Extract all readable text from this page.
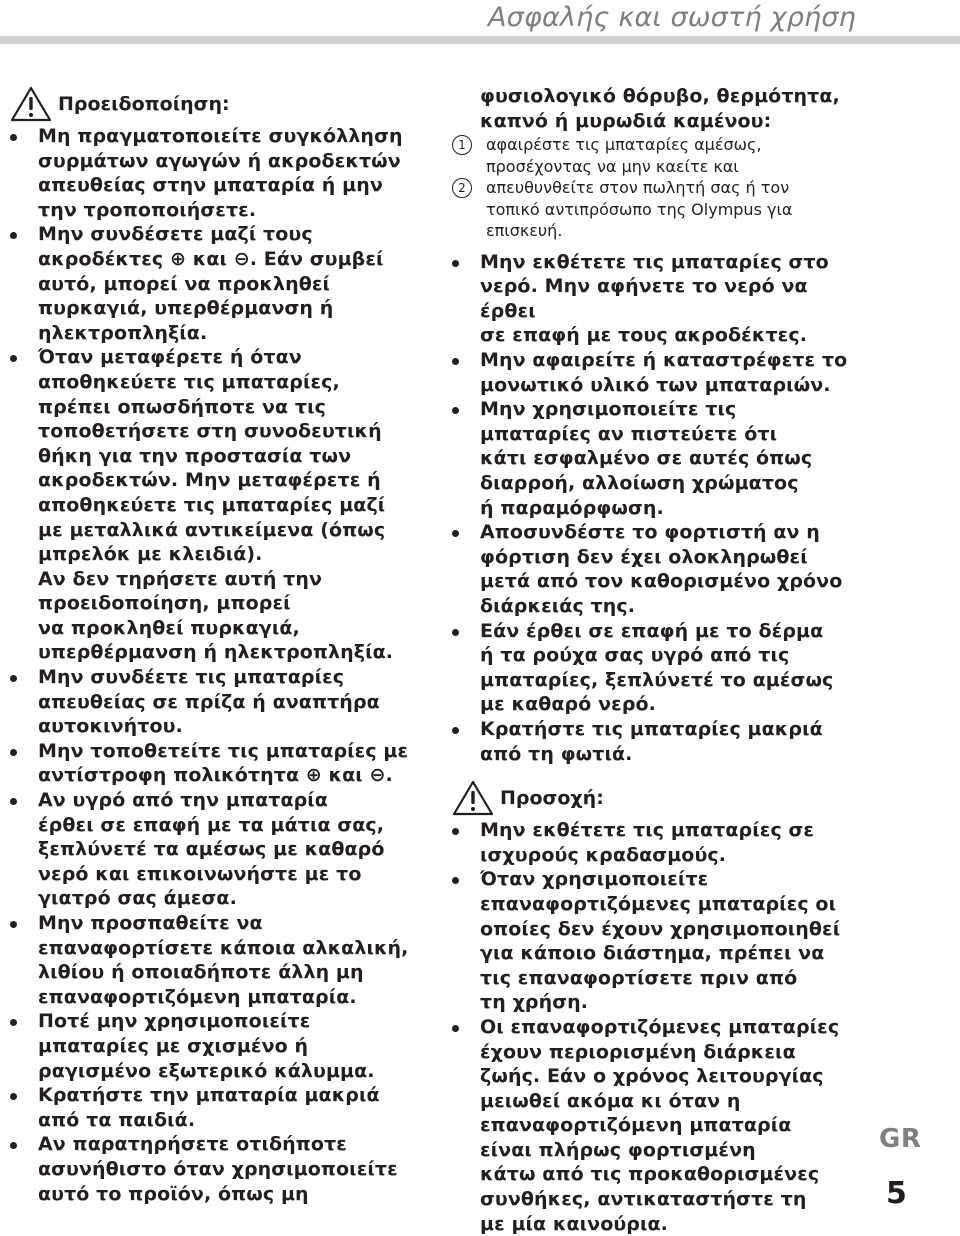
Ασφαλής και σωστή χρήση
Προειδοποίηση:
Μη πραγματοποιείτε συγκόλληση
συρμάτων αγωγών ή ακροδεκτών
απευθείας στην μπαταρία ή μην
την τροποποιήσετε.
Μην συνδέσετε μαζί τους
ακροδέκτες ⊕ και ⊖. Εάν συμβεί
αυτό, μπορεί να προκληθεί
πυρκαγιά, υπερθέρμανση ή
ηλεκτροπληξία.
Όταν μεταφέρετε ή όταν
αποθηκεύετε τις μπαταρίες,
πρέπει οπωσδήποτε να τις
τοποθετήσετε στη συνοδευτική
θήκη για την προστασία των
ακροδεκτών. Μην μεταφέρετε ή
αποθηκεύετε τις μπαταρίες μαζί
με μεταλλικά αντικείμενα (όπως
μπρελόκ με κλειδιά).
Αν δεν τηρήσετε αυτή την
προειδοποίηση, μπορεί
να προκληθεί πυρκαγιά,
υπερθέρμανση ή ηλεκτροπληξία.
Μην συνδέετε τις μπαταρίες
απευθείας σε πρίζα ή αναπτήρα
αυτοκινήτου.
Μην τοποθετείτε τις μπαταρίες με
αντίστροφη πολικότητα ⊕ και ⊖.
Αν υγρό από την μπαταρία
έρθει σε επαφή με τα μάτια σας,
ξεπλύνετέ τα αμέσως με καθαρό
νερό και επικοινωνήστε με το
γιατρό σας άμεσα.
Μην προσπαθείτε να
επαναφορτίσετε κάποια αλκαλική,
λιθίου ή οποιαδήποτε άλλη μη
επαναφορτιζόμενη μπαταρία.
Ποτέ μην χρησιμοποιείτε
μπαταρίες με σχισμένο ή
ραγισμένο εξωτερικό κάλυμμα.
Κρατήστε την μπαταρία μακριά
από τα παιδιά.
Αν παρατηρήσετε οτιδήποτε
ασυνήθιστο όταν χρησιμοποιείτε
αυτό το προϊόν, όπως μη
φυσιολογικό θόρυβο, θερμότητα,
καπνό ή μυρωδιά καμένου:
1	αφαιρέστε τις μπαταρίες αμέσως,
προσέχοντας να μην καείτε και
2	απευθυνθείτε στον πωλητή σας ή τον
τοπικό αντιπρόσωπο της Olympus για
επισκευή.
Μην εκθέτετε τις μπαταρίες στο
νερό. Μην αφήνετε το νερό να έρθει
σε επαφή με τους ακροδέκτες.
Μην αφαιρείτε ή καταστρέφετε το
μονωτικό υλικό των μπαταριών.
Μην χρησιμοποιείτε τις
μπαταρίες αν πιστεύετε ότι
κάτι εσφαλμένο σε αυτές όπως
διαρροή, αλλοίωση χρώματος
ή παραμόρφωση.
Αποσυνδέστε το φορτιστή αν η
φόρτιση δεν έχει ολοκληρωθεί
μετά από τον καθορισμένο χρόνο
διάρκειάς της.
Εάν έρθει σε επαφή με το δέρμα
ή τα ρούχα σας υγρό από τις
μπαταρίες, ξεπλύνετέ το αμέσως
με καθαρό νερό.
Κρατήστε τις μπαταρίες μακριά
από τη φωτιά.
Προσοχή:
Μην εκθέτετε τις μπαταρίες σε
ισχυρούς κραδασμούς.
Όταν χρησιμοποιείτε
επαναφορτιζόμενες μπαταρίες οι
οποίες δεν έχουν χρησιμοποιηθεί
για κάποιο διάστημα, πρέπει να
τις επαναφορτίσετε πριν από
τη χρήση.
Οι επαναφορτιζόμενες μπαταρίες
έχουν περιορισμένη διάρκεια
ζωής. Εάν ο χρόνος λειτουργίας
μειωθεί ακόμα κι όταν η
επαναφορτιζόμενη μπαταρία
είναι πλήρως φορτισμένη
κάτω από τις προκαθορισμένες
συνθήκες, αντικαταστήστε τη
με μία καινούρια.
GR
5
